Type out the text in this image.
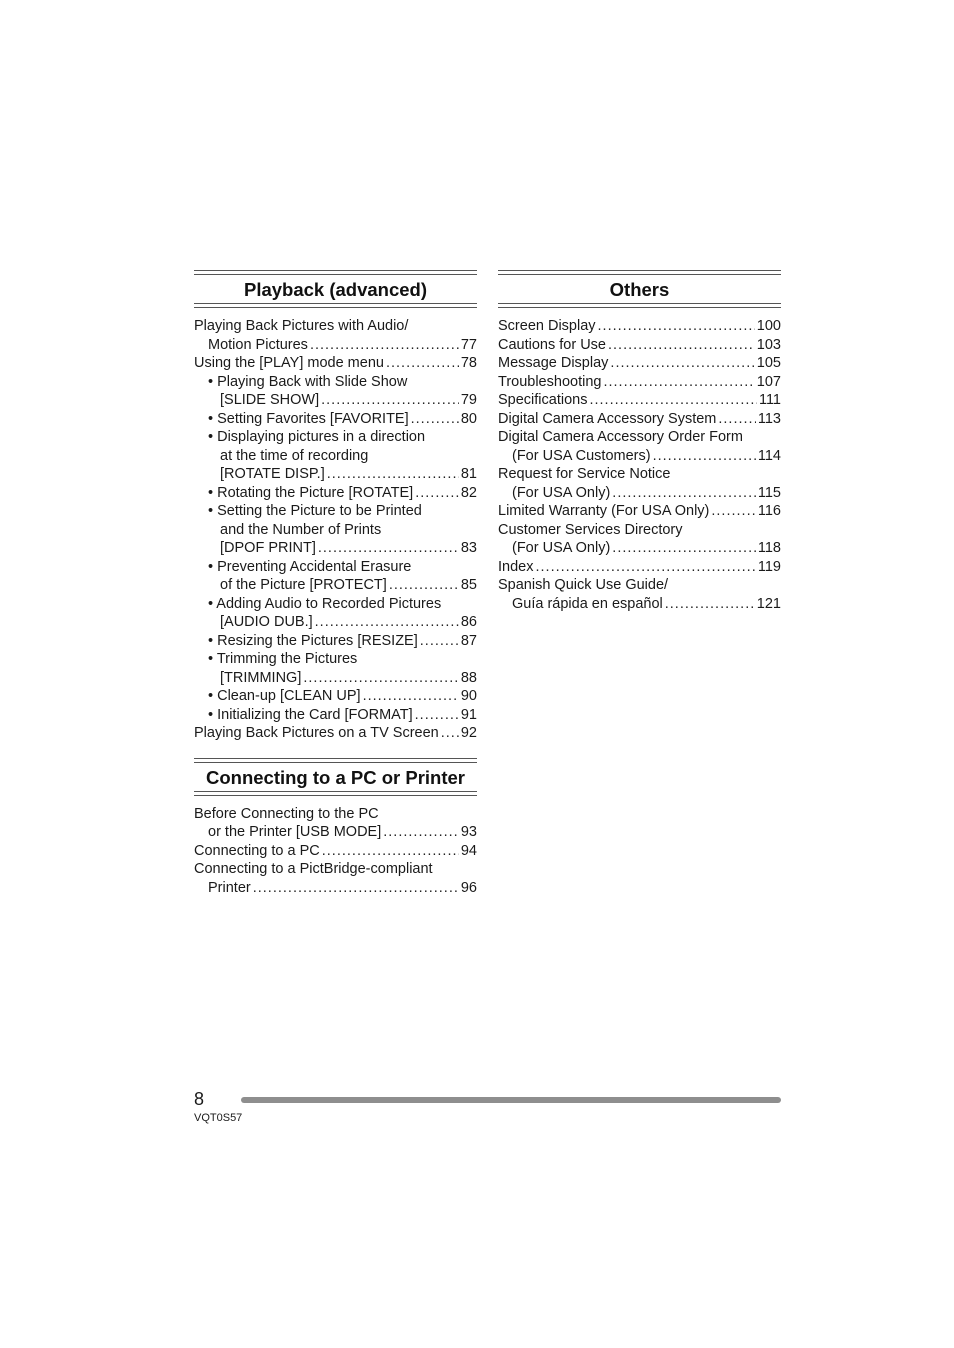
Playback (advanced)
Playing Back Pictures with Audio/
Motion Pictures .....	77
Using the [PLAY] mode menu .....	78
• Playing Back with Slide Show
[SLIDE SHOW] .....	79
• Setting Favorites [FAVORITE] .....	80
• Displaying pictures in a direction
at the time of recording
[ROTATE DISP.] .....	81
• Rotating the Picture [ROTATE] .....	82
• Setting the Picture to be Printed
and the Number of Prints
[DPOF PRINT] .....	83
• Preventing Accidental Erasure
of the Picture [PROTECT] .....	85
• Adding Audio to Recorded Pictures
[AUDIO DUB.] .....	86
• Resizing the Pictures [RESIZE] .....	87
• Trimming the Pictures
[TRIMMING] .....	88
• Clean-up [CLEAN UP] .....	90
• Initializing the Card [FORMAT] .....	91
Playing Back Pictures on a TV Screen ..... 92
Connecting to a PC or Printer
Before Connecting to the PC
or the Printer [USB MODE] .....	93
Connecting to a PC .....	94
Connecting to a PictBridge-compliant
Printer .....	96
Others
Screen Display .....	100
Cautions for Use .....	103
Message Display .....	105
Troubleshooting .....	107
Specifications .....	111
Digital Camera Accessory System .....	113
Digital Camera Accessory Order Form
(For USA Customers) .....	114
Request for Service Notice
(For USA Only) .....	115
Limited Warranty (For USA Only) .....	116
Customer Services Directory
(For USA Only) .....	118
Index .....	119
Spanish Quick Use Guide/
Guía rápida en español .....	121
8
VQT0S57
